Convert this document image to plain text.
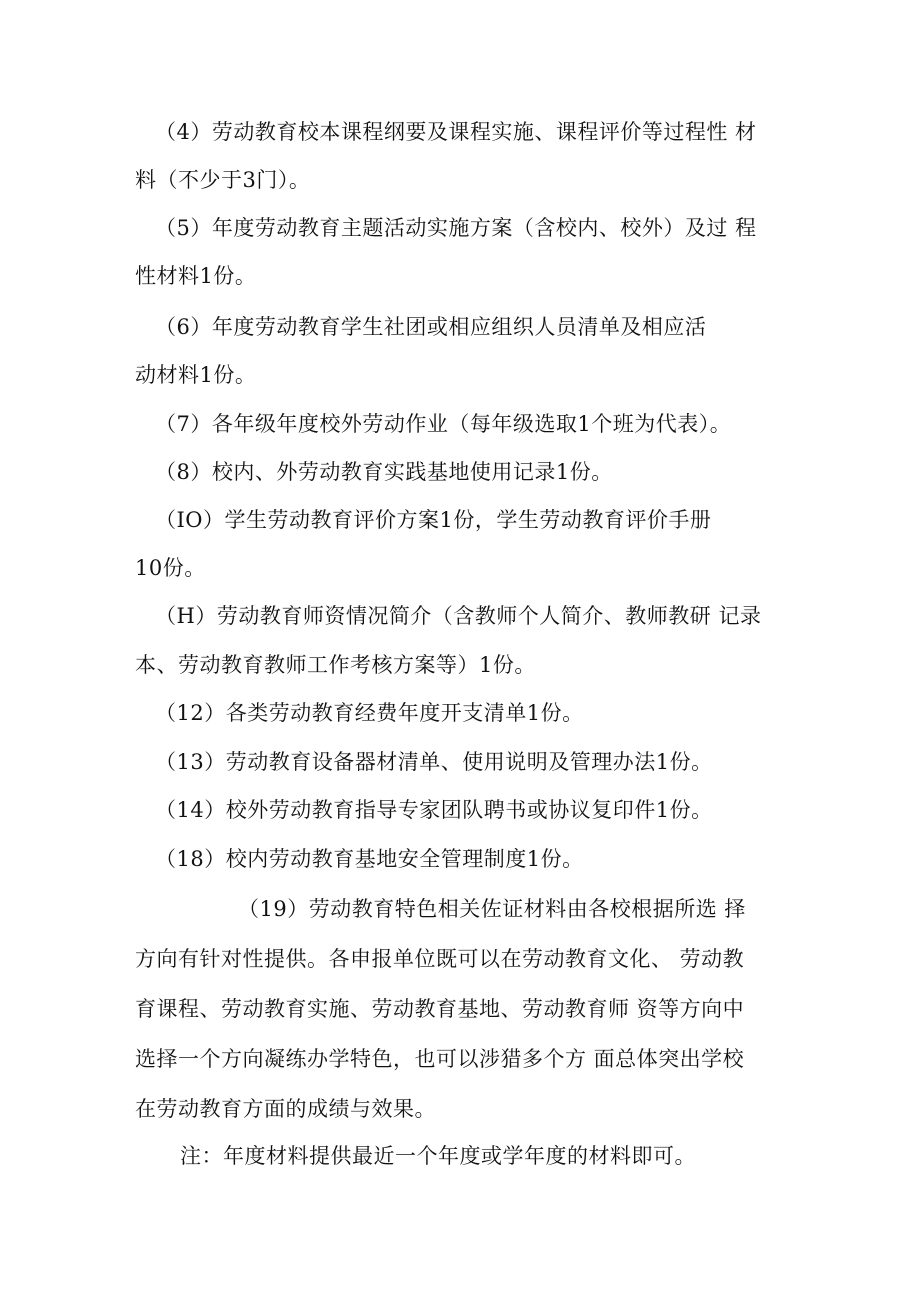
（4）劳动教育校本课程纲要及课程实施、课程评价等过程性 材
料（不少于3门）。
（5）年度劳动教育主题活动实施方案（含校内、校外）及过 程
性材料1份。
（6）年度劳动教育学生社团或相应组织人员清单及相应活
动材料1份。
（7）各年级年度校外劳动作业（每年级选取1个班为代表）。
（8）校内、外劳动教育实践基地使用记录1份。
（IO）学生劳动教育评价方案1份，学生劳动教育评价手册
10份。
（H）劳动教育师资情况简介（含教师个人简介、教师教研 记录
本、劳动教育教师工作考核方案等）1份。
（12）各类劳动教育经费年度开支清单1份。
（13）劳动教育设备器材清单、使用说明及管理办法1份。
（14）校外劳动教育指导专家团队聘书或协议复印件1份。
（18）校内劳动教育基地安全管理制度1份。
（19）劳动教育特色相关佐证材料由各校根据所选 择
方向有针对性提供。各申报单位既可以在劳动教育文化、 劳动教
育课程、劳动教育实施、劳动教育基地、劳动教育师 资等方向中
选择一个方向凝练办学特色，也可以涉猎多个方 面总体突出学校
在劳动教育方面的成绩与效果。
注：年度材料提供最近一个年度或学年度的材料即可。
